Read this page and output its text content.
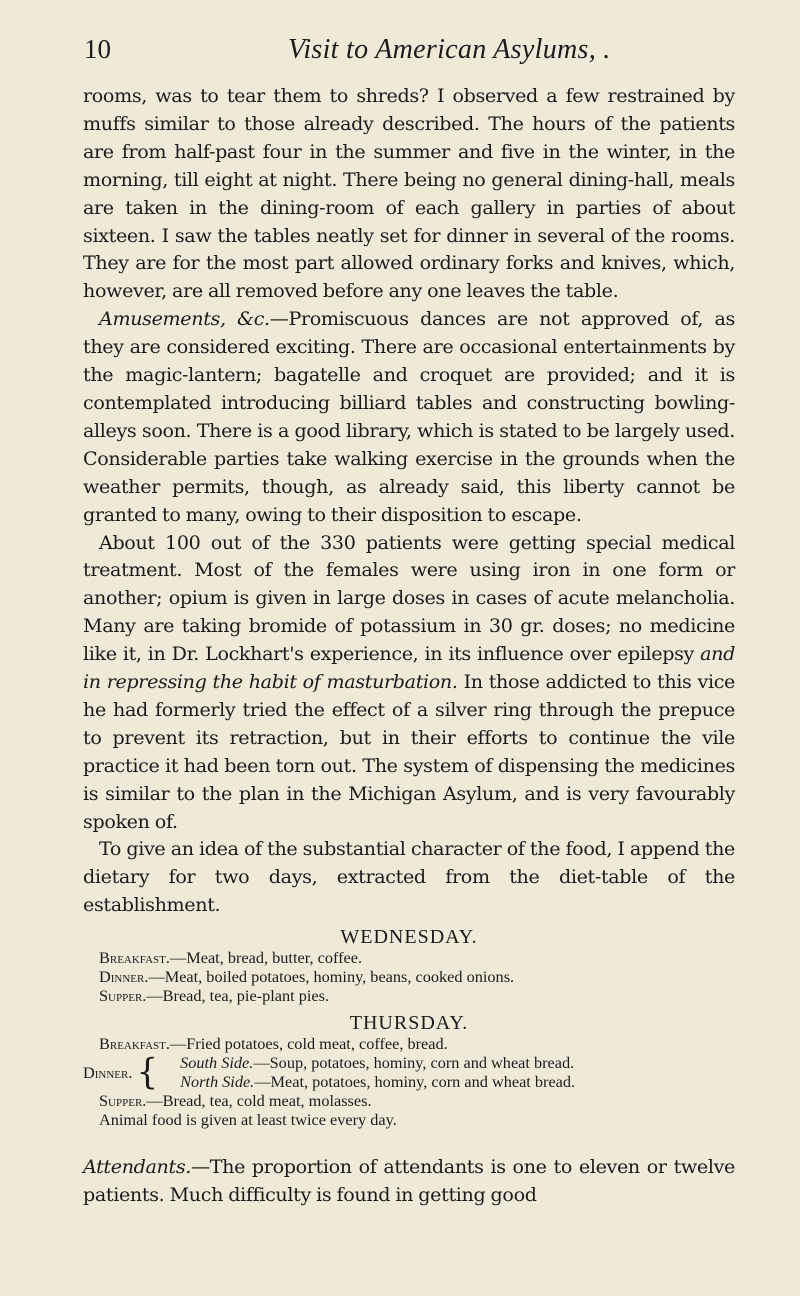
10	Visit to American Asylums, .

rooms, was to tear them to shreds? I observed a few restrained by muffs similar to those already described. The hours of the patients are from half-past four in the summer and five in the winter, in the morning, till eight at night. There being no general dining-hall, meals are taken in the dining-room of each gallery in parties of about sixteen. I saw the tables neatly set for dinner in several of the rooms. They are for the most part allowed ordinary forks and knives, which, however, are all removed before any one leaves the table.

Amusements, &c.—Promiscuous dances are not approved of, as they are considered exciting. There are occasional entertainments by the magic-lantern; bagatelle and croquet are provided; and it is contemplated introducing billiard tables and constructing bowling-alleys soon. There is a good library, which is stated to be largely used. Considerable parties take walking exercise in the grounds when the weather permits, though, as already said, this liberty cannot be granted to many, owing to their disposition to escape.

About 100 out of the 330 patients were getting special medical treatment. Most of the females were using iron in one form or another; opium is given in large doses in cases of acute melancholia. Many are taking bromide of potassium in 30 gr. doses; no medicine like it, in Dr. Lockhart's experience, in its influence over epilepsy and in repressing the habit of masturbation. In those addicted to this vice he had formerly tried the effect of a silver ring through the prepuce to prevent its retraction, but in their efforts to continue the vile practice it had been torn out. The system of dispensing the medicines is similar to the plan in the Michigan Asylum, and is very favourably spoken of.

To give an idea of the substantial character of the food, I append the dietary for two days, extracted from the diet-table of the establishment.

WEDNESDAY.

Breakfast.—Meat, bread, butter, coffee.

Dinner.—Meat, boiled potatoes, hominy, beans, cooked onions.

Supper.—Bread, tea, pie-plant pies.

THURSDAY.

Breakfast.—Fried potatoes, cold meat, coffee, bread.

Dinner. {	South Side.—Soup, potatoes, hominy, corn and wheat bread.

North Side.—Meat, potatoes, hominy, corn and wheat bread.

Supper.—Bread, tea, cold meat, molasses.

Animal food is given at least twice every day.

Attendants.—The proportion of attendants is one to eleven or twelve patients. Much difficulty is found in getting good
